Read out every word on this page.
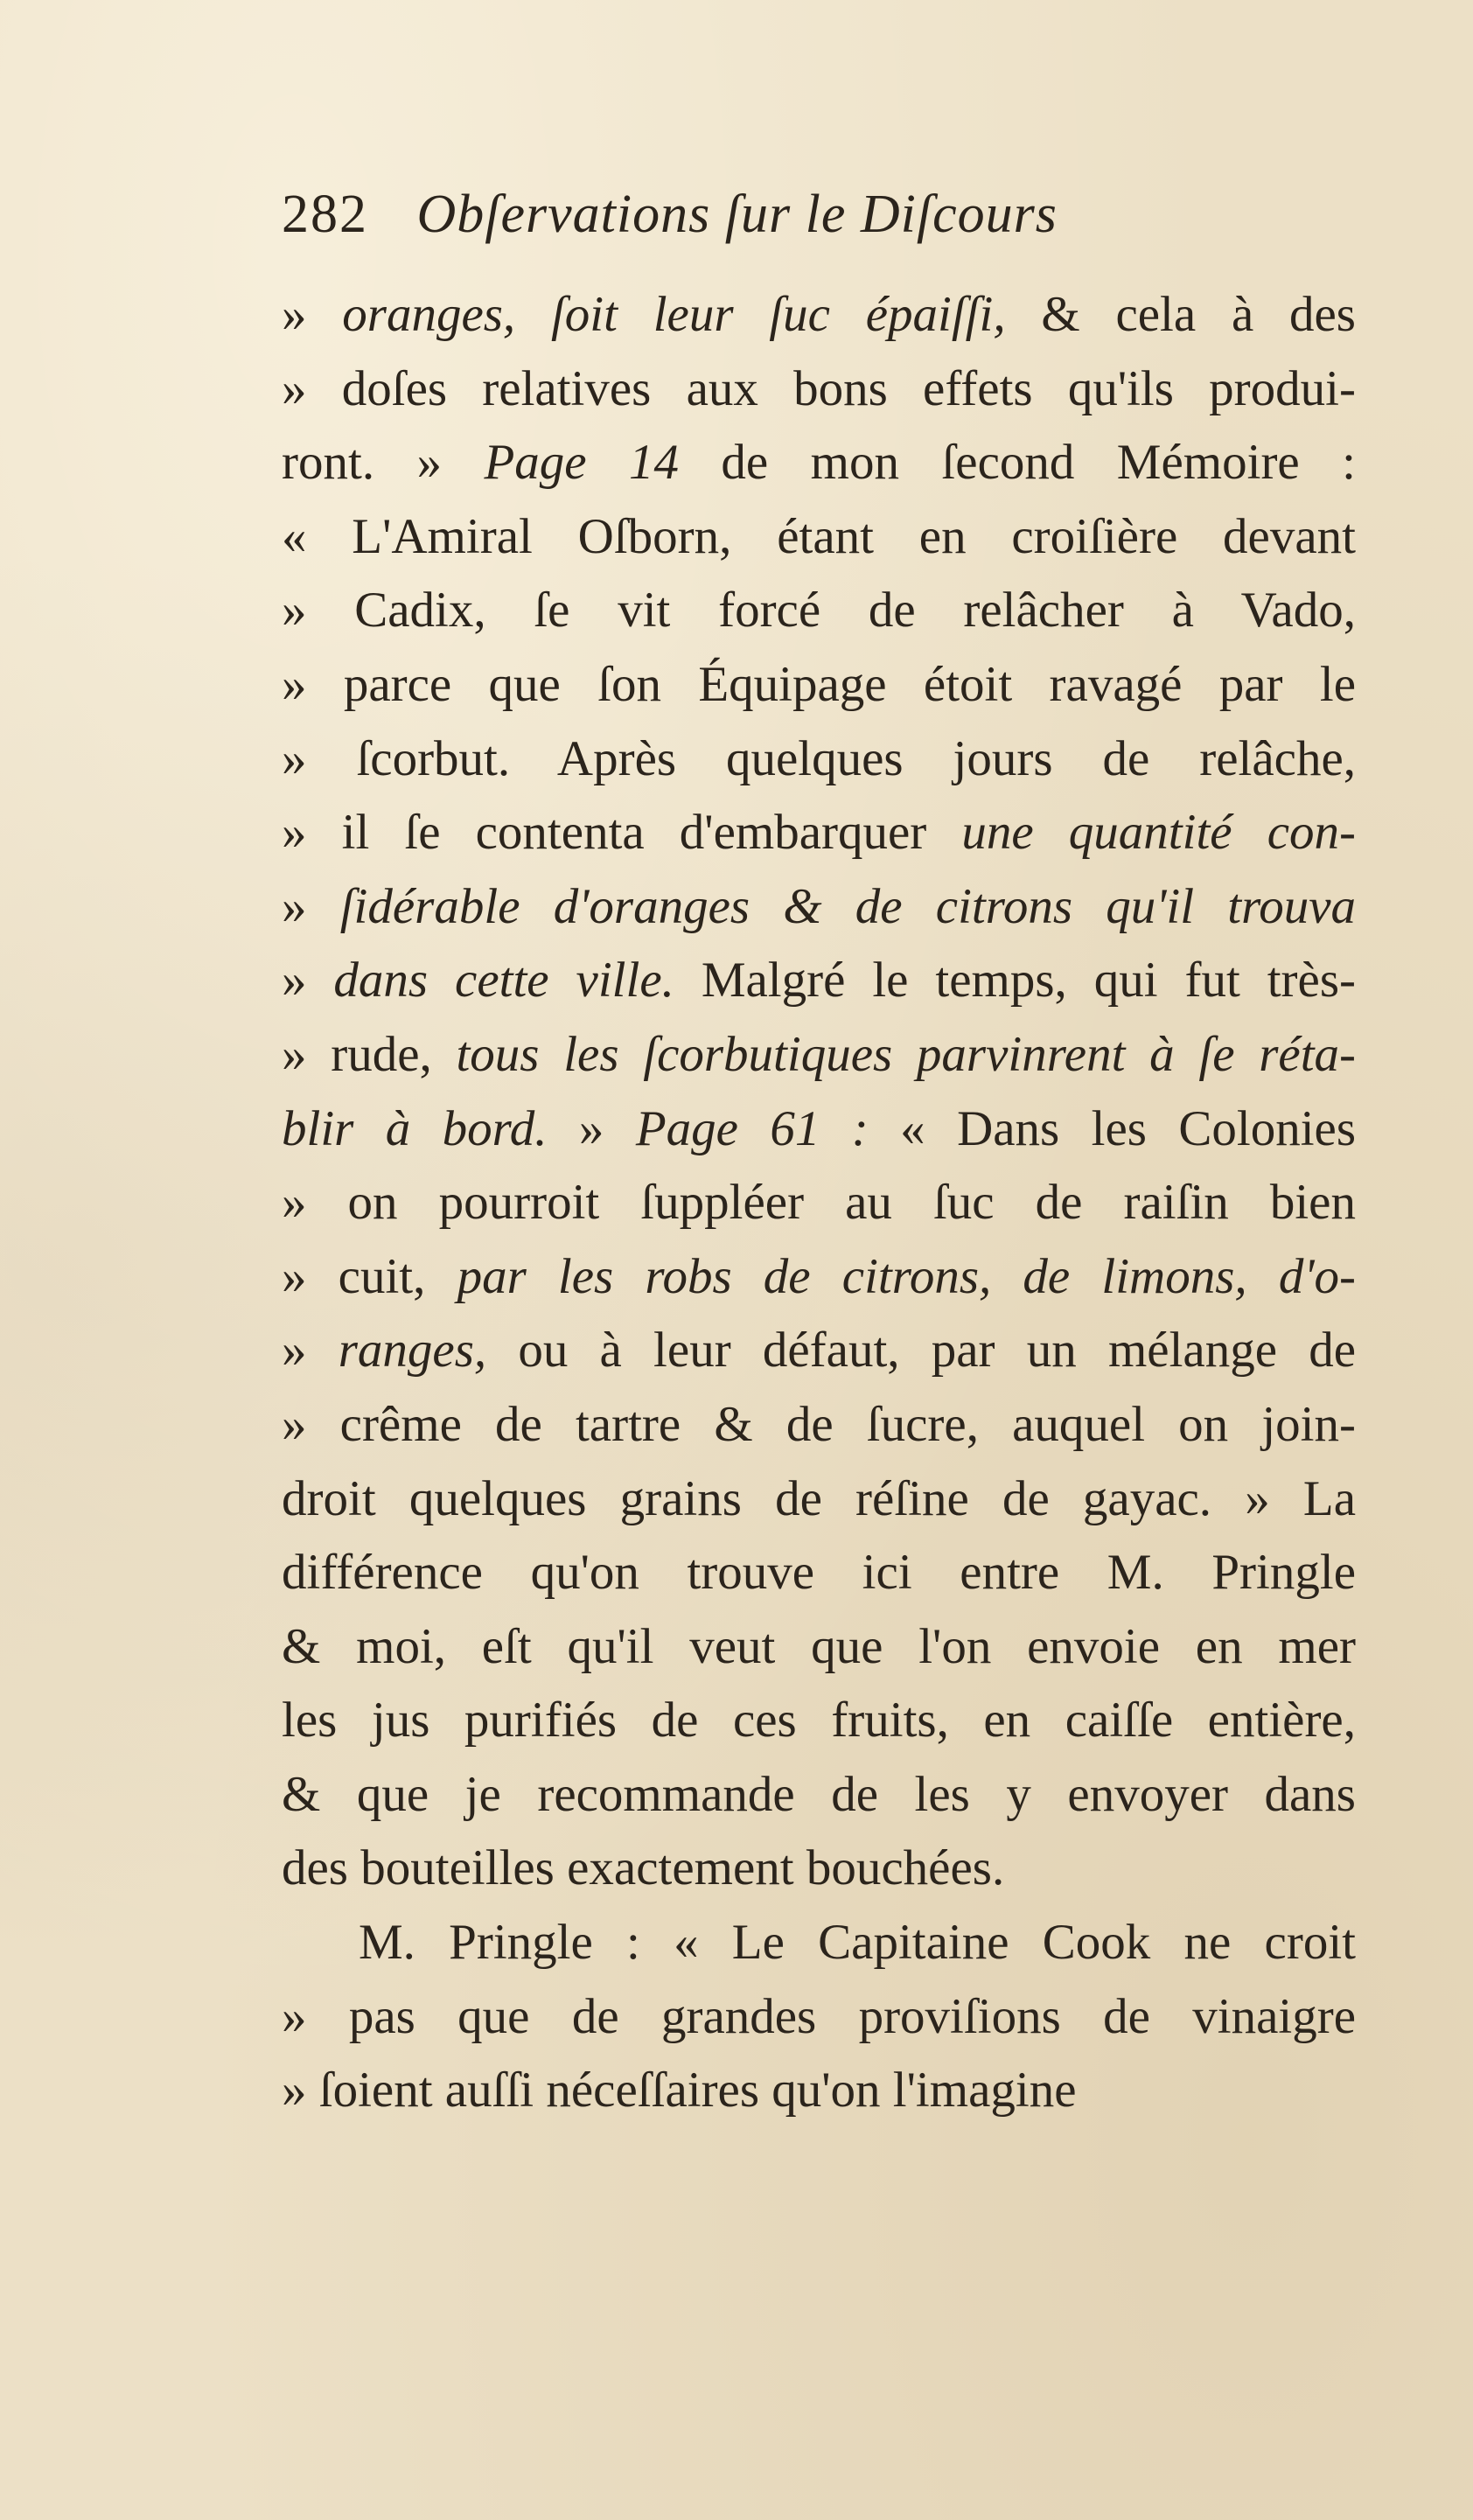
282 Obſervations ſur le Diſcours
» oranges, ſoit leur ſuc épaiſſi, & cela à des
» doſes relatives aux bons effets qu'ils produi-
ront. » Page 14 de mon ſecond Mémoire :
« L'Amiral Oſborn, étant en croiſière devant
» Cadix, ſe vit forcé de relâcher à Vado,
» parce que ſon Équipage étoit ravagé par le
» ſcorbut. Après quelques jours de relâche,
» il ſe contenta d'embarquer une quantité con-
» ſidérable d'oranges & de citrons qu'il trouva
» dans cette ville. Malgré le temps, qui fut très-
» rude, tous les ſcorbutiques parvinrent à ſe réta-
blir à bord. » Page 61 : « Dans les Colonies
» on pourroit ſuppléer au ſuc de raiſin bien
» cuit, par les robs de citrons, de limons, d'o-
» ranges, ou à leur défaut, par un mélange de
» crême de tartre & de ſucre, auquel on join-
droit quelques grains de réſine de gayac. » La
différence qu'on trouve ici entre M. Pringle
& moi, eſt qu'il veut que l'on envoie en mer
les jus purifiés de ces fruits, en caiſſe entière,
& que je recommande de les y envoyer dans
des bouteilles exactement bouchées.
M. Pringle : « Le Capitaine Cook ne croit
» pas que de grandes proviſions de vinaigre
» ſoient auſſi néceſſaires qu'on l'imagine
